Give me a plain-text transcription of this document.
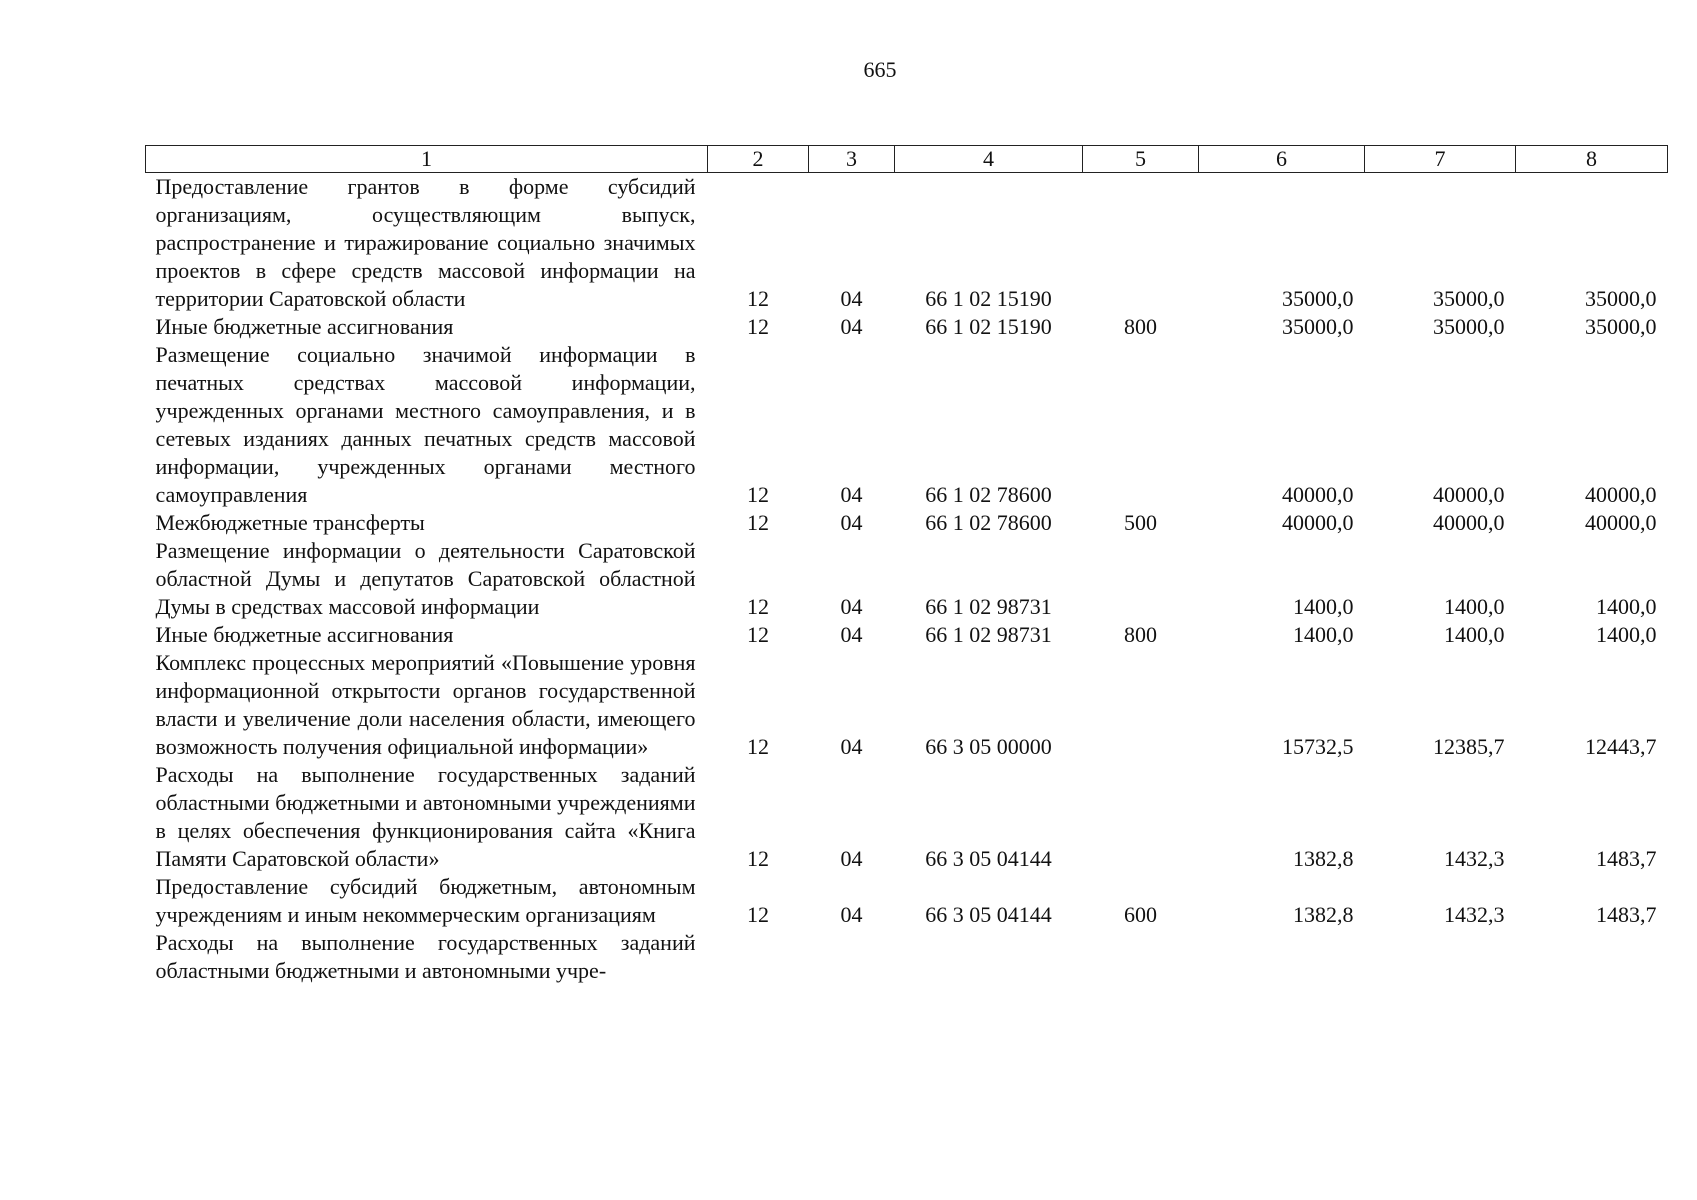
665
1	2	3	4	5	6	7	8
Предоставление грантов в форме субсидий организациям, осуществляющим выпуск, распространение и тиражирование социально значимых проектов в сфере средств массовой информации на территории Саратовской области	12	04	66 1 02 15190		35000,0	35000,0	35000,0
Иные бюджетные ассигнования	12	04	66 1 02 15190	800	35000,0	35000,0	35000,0
Размещение социально значимой информации в печатных средствах массовой информации, учрежденных органами местного самоуправления, и в сетевых изданиях данных печатных средств массовой информации, учрежденных органами местного самоуправления	12	04	66 1 02 78600		40000,0	40000,0	40000,0
Межбюджетные трансферты	12	04	66 1 02 78600	500	40000,0	40000,0	40000,0
Размещение информации о деятельности Саратовской областной Думы и депутатов Саратовской областной Думы в средствах массовой информации	12	04	66 1 02 98731		1400,0	1400,0	1400,0
Иные бюджетные ассигнования	12	04	66 1 02 98731	800	1400,0	1400,0	1400,0
Комплекс процессных мероприятий «Повышение уровня информационной открытости органов государственной власти и увеличение доли населения области, имеющего возможность получения официальной информации»	12	04	66 3 05 00000		15732,5	12385,7	12443,7
Расходы на выполнение государственных заданий областными бюджетными и автономными учреждениями в целях обеспечения функционирования сайта «Книга Памяти Саратовской области»	12	04	66 3 05 04144		1382,8	1432,3	1483,7
Предоставление субсидий бюджетным, автономным учреждениям и иным некоммерческим организациям	12	04	66 3 05 04144	600	1382,8	1432,3	1483,7
Расходы на выполнение государственных заданий областными бюджетными и автономными учре-							
